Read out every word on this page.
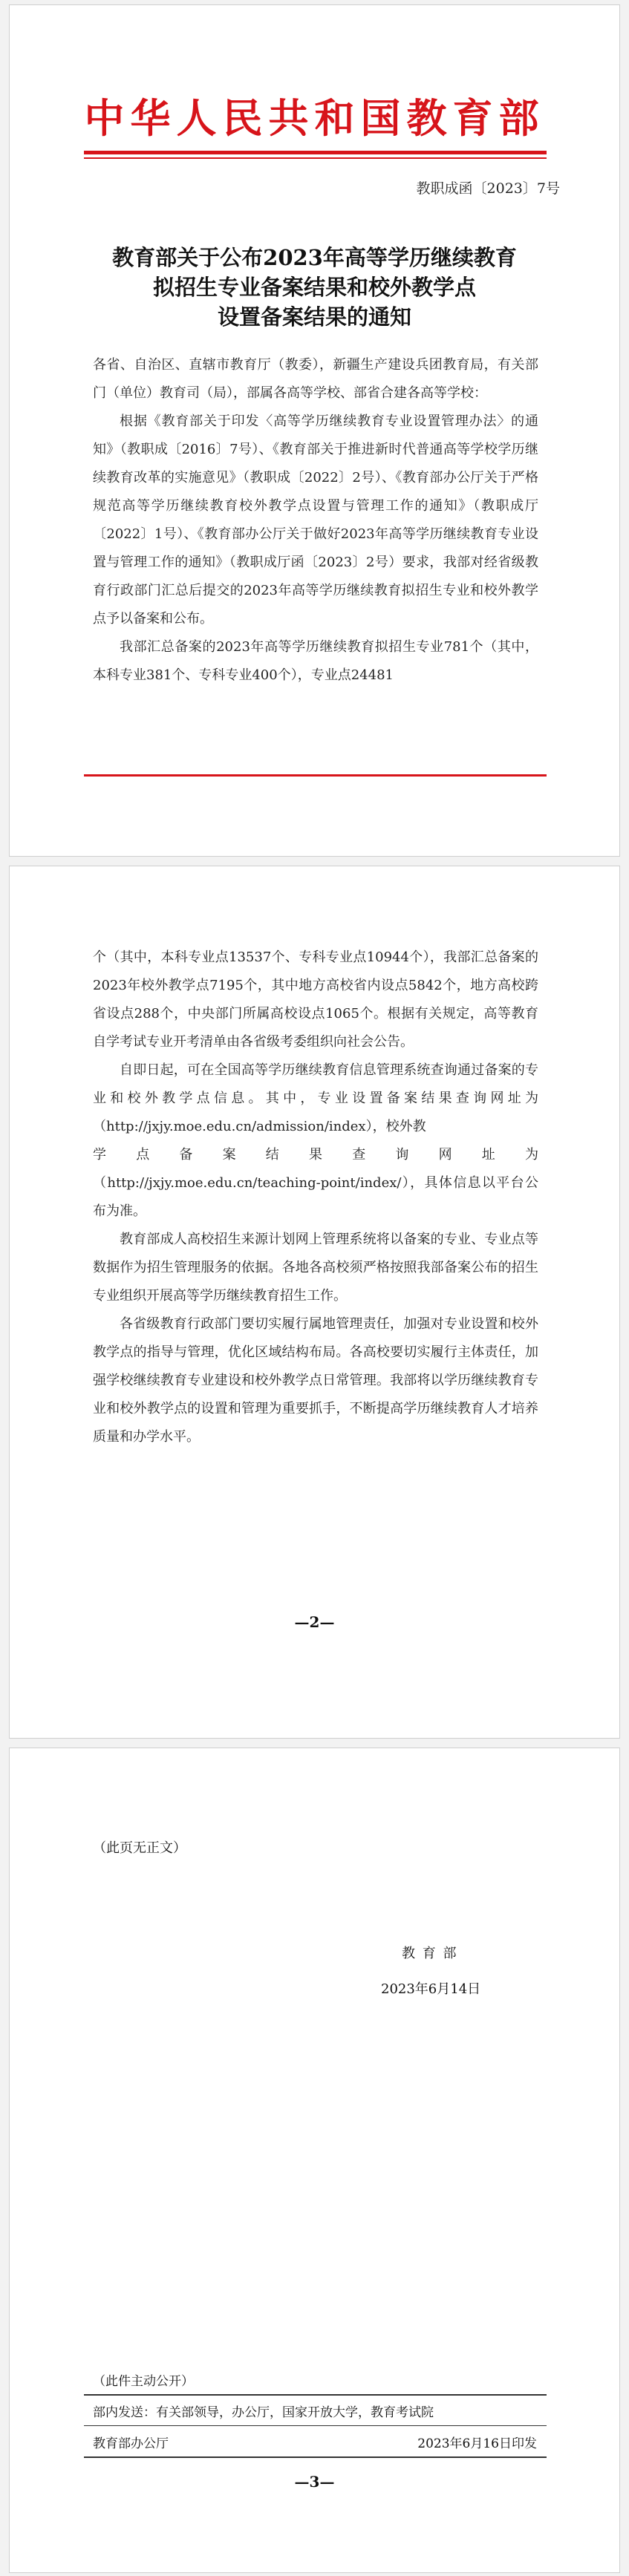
中华人民共和国教育部
教职成函〔2023〕7号
教育部关于公布2023年高等学历继续教育
拟招生专业备案结果和校外教学点
设置备案结果的通知

各省、自治区、直辖市教育厅（教委），新疆生产建设兵团教育局，有关部门（单位）教育司（局），部属各高等学校、部省合建各高等学校：

根据《教育部关于印发〈高等学历继续教育专业设置管理办法〉的通知》（教职成〔2016〕7号）、《教育部关于推进新时代普通高等学校学历继续教育改革的实施意见》（教职成〔2022〕2号）、《教育部办公厅关于严格规范高等学历继续教育校外教学点设置与管理工作的通知》（教职成厅〔2022〕1号）、《教育部办公厅关于做好2023年高等学历继续教育专业设置与管理工作的通知》（教职成厅函〔2023〕2号）要求，我部对经省级教育行政部门汇总后提交的2023年高等学历继续教育拟招生专业和校外教学点予以备案和公布。

我部汇总备案的2023年高等学历继续教育拟招生专业781个（其中，本科专业381个、专科专业400个），专业点24481

个（其中，本科专业点13537个、专科专业点10944个），我部汇总备案的2023年校外教学点7195个，其中地方高校省内设点5842个，地方高校跨省设点288个，中央部门所属高校设点1065个。根据有关规定，高等教育自学考试专业开考清单由各省级考委组织向社会公告。

自即日起，可在全国高等学历继续教育信息管理系统查询通过备案的专业和校外教学点信息。其中，专业设置备案结果查询网址为（http://jxjy.moe.edu.cn/admission/index），校外教

学点备案结果查询网址为

（http://jxjy.moe.edu.cn/teaching-point/index/），具体信息以平台公布为准。

教育部成人高校招生来源计划网上管理系统将以备案的专业、专业点等数据作为招生管理服务的依据。各地各高校须严格按照我部备案公布的招生专业组织开展高等学历继续教育招生工作。

各省级教育行政部门要切实履行属地管理责任，加强对专业设置和校外教学点的指导与管理，优化区域结构布局。各高校要切实履行主体责任，加强学校继续教育专业建设和校外教学点日常管理。我部将以学历继续教育专业和校外教学点的设置和管理为重要抓手，不断提高学历继续教育人才培养质量和办学水平。

—2—
（此页无正文）
教 育 部
2023年6月14日
（此件主动公开）
部内发送：有关部领导，办公厅，国家开放大学，教育考试院
教育部办公厅	2023年6月16日印发
—3—
